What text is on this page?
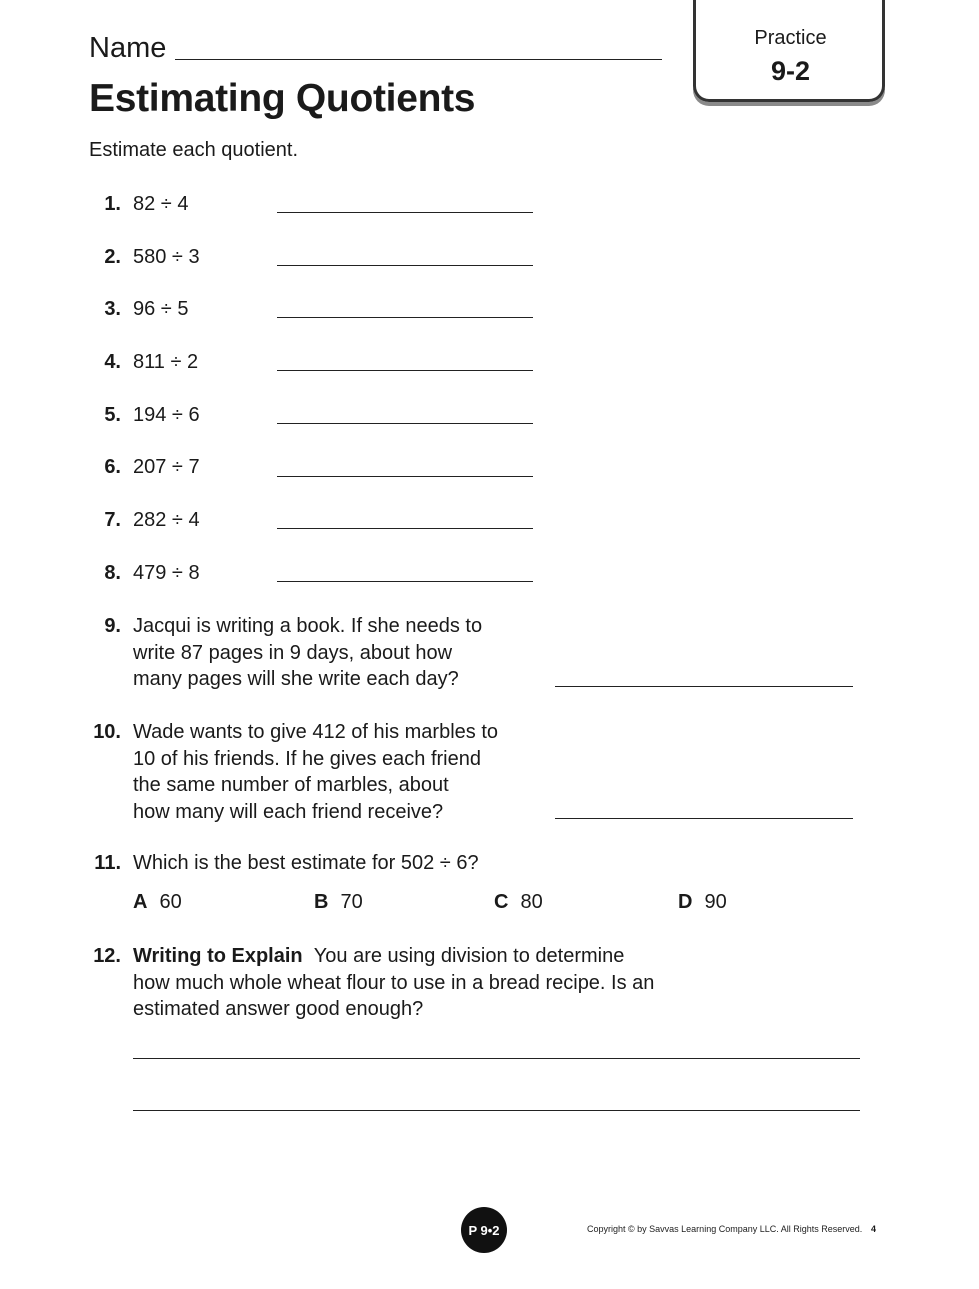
Name
Estimating Quotients
Practice
9-2
Estimate each quotient.
1. 82 ÷ 4
2. 580 ÷ 3
3. 96 ÷ 5
4. 811 ÷ 2
5. 194 ÷ 6
6. 207 ÷ 7
7. 282 ÷ 4
8. 479 ÷ 8
9. Jacqui is writing a book. If she needs to
write 87 pages in 9 days, about how
many pages will she write each day?
10. Wade wants to give 412 of his marbles to
10 of his friends. If he gives each friend
the same number of marbles, about
how many will each friend receive?
11. Which is the best estimate for 502 ÷ 6?
A 60	B 70	C 80	D 90
12. Writing to Explain You are using division to determine
how much whole wheat flour to use in a bread recipe. Is an
estimated answer good enough?
P 9•2	Copyright © by Savvas Learning Company LLC. All Rights Reserved. 4
